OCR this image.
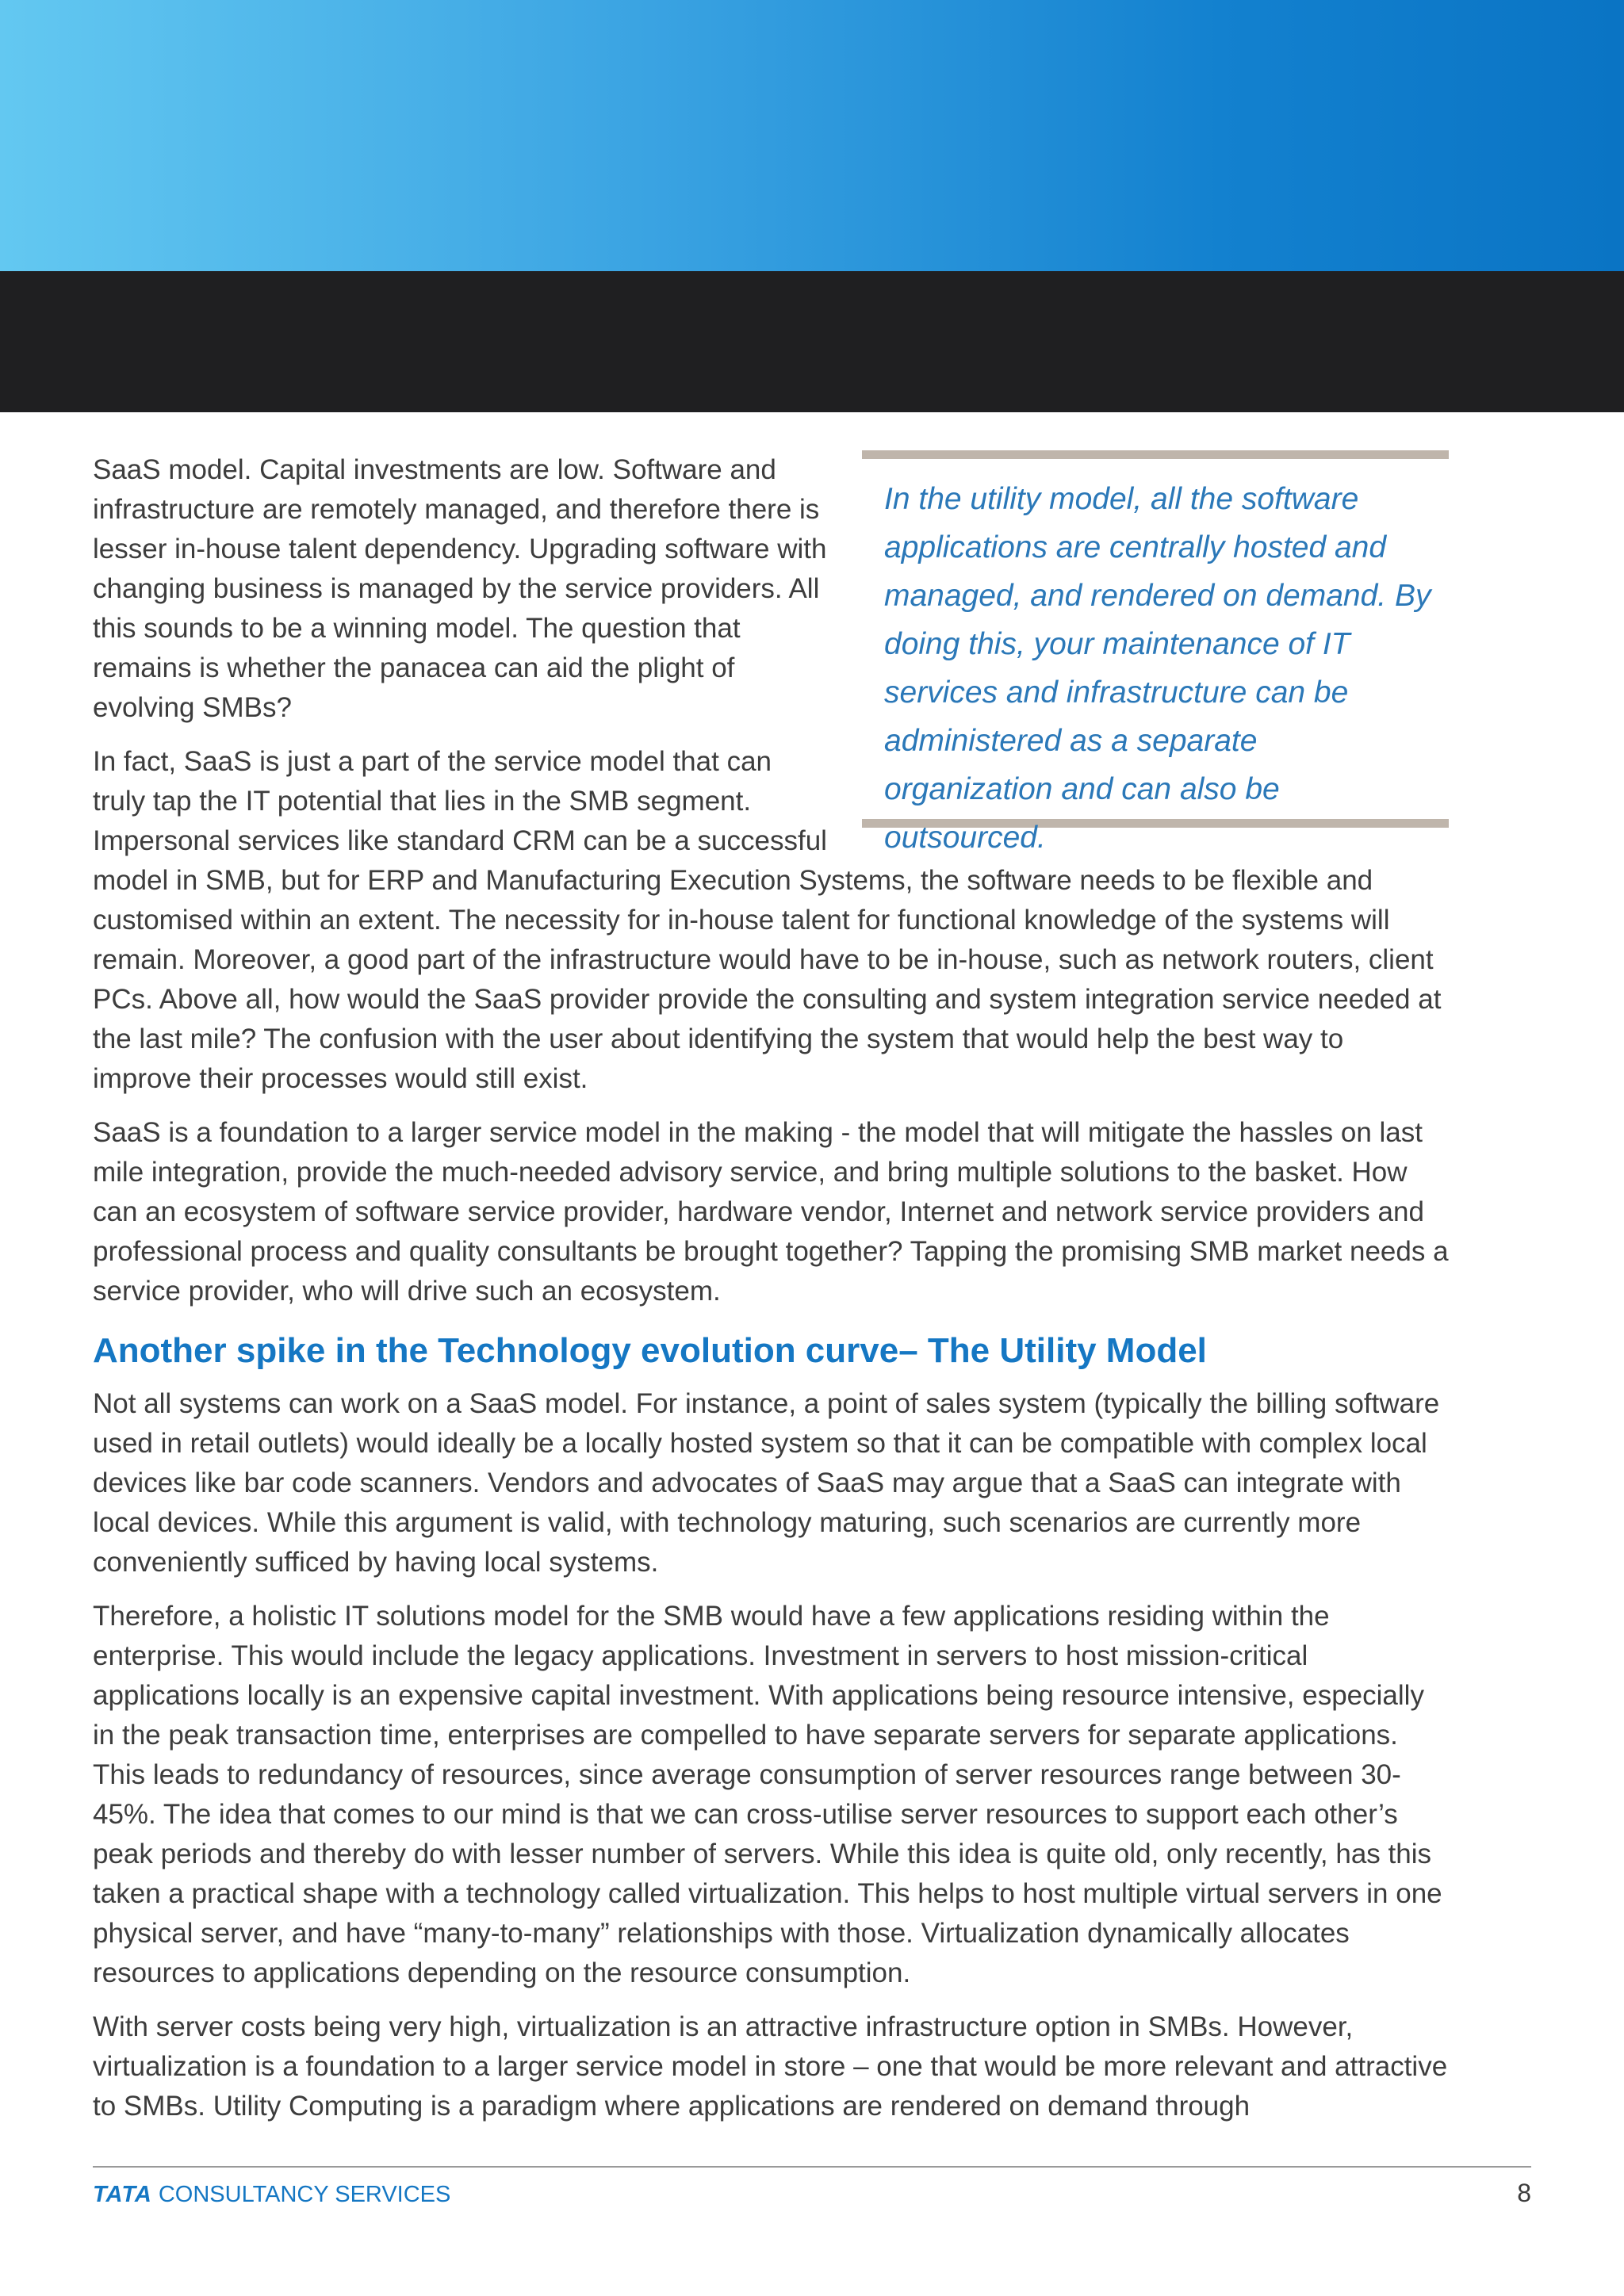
In the utility model, all the software applications are centrally hosted and managed, and rendered on demand. By doing this, your maintenance of IT services and infrastructure can be administered as a separate organization and can also be outsourced.

SaaS model. Capital investments are low. Software and infrastructure are remotely managed, and therefore there is lesser in-house talent dependency. Upgrading software with changing business is managed by the service providers. All this sounds to be a winning model. The question that remains is whether the panacea can aid the plight of evolving SMBs?

In fact, SaaS is just a part of the service model that can truly tap the IT potential that lies in the SMB segment. Impersonal services like standard CRM can be a successful model in SMB, but for ERP and Manufacturing Execution Systems, the software needs to be flexible and customised within an extent. The necessity for in-house talent for functional knowledge of the systems will remain. Moreover, a good part of the infrastructure would have to be in-house, such as network routers, client PCs. Above all, how would the SaaS provider provide the consulting and system integration service needed at the last mile? The confusion with the user about identifying the system that would help the best way to improve their processes would still exist.

SaaS is a foundation to a larger service model in the making - the model that will mitigate the hassles on last mile integration, provide the much-needed advisory service, and bring multiple solutions to the basket. How can an ecosystem of software service provider, hardware vendor, Internet and network service providers and professional process and quality consultants be brought together? Tapping the promising SMB market needs a service provider, who will drive such an ecosystem.

Another spike in the Technology evolution curve– The Utility Model

Not all systems can work on a SaaS model. For instance, a point of sales system (typically the billing software used in retail outlets) would ideally be a locally hosted system so that it can be compatible with complex local devices like bar code scanners. Vendors and advocates of SaaS may argue that a SaaS can integrate with local devices. While this argument is valid, with technology maturing, such scenarios are currently more conveniently sufficed by having local systems.

Therefore, a holistic IT solutions model for the SMB would have a few applications residing within the enterprise. This would include the legacy applications. Investment in servers to host mission-critical applications locally is an expensive capital investment. With applications being resource intensive, especially in the peak transaction time, enterprises are compelled to have separate servers for separate applications. This leads to redundancy of resources, since average consumption of server resources range between 30-45%. The idea that comes to our mind is that we can cross-utilise server resources to support each other’s peak periods and thereby do with lesser number of servers. While this idea is quite old, only recently, has this taken a practical shape with a technology called virtualization. This helps to host multiple virtual servers in one physical server, and have “many-to-many” relationships with those. Virtualization dynamically allocates resources to applications depending on the resource consumption.

With server costs being very high, virtualization is an attractive infrastructure option in SMBs. However, virtualization is a foundation to a larger service model in store – one that would be more relevant and attractive to SMBs. Utility Computing is a paradigm where applications are rendered on demand through

TATA CONSULTANCY SERVICES	8
